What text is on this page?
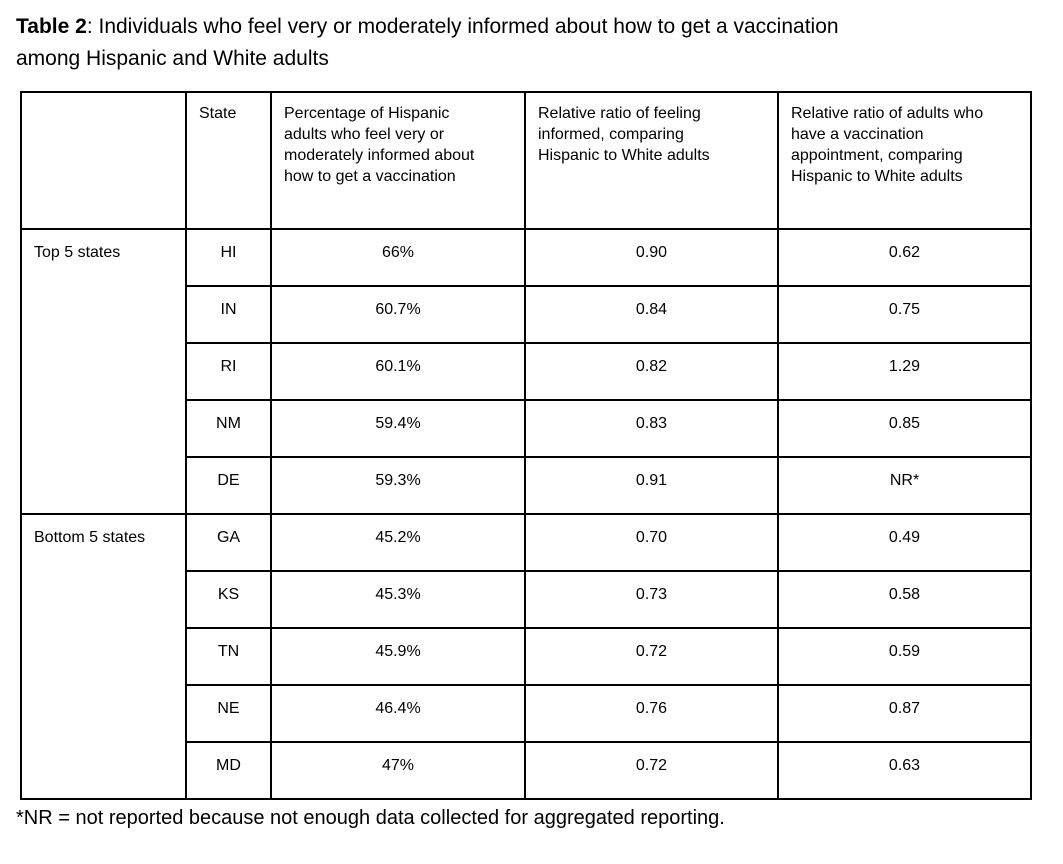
Table 2: Individuals who feel very or moderately informed about how to get a vaccination
among Hispanic and White adults
	State	Percentage of Hispanic adults who feel very or moderately informed about how to get a vaccination	Relative ratio of feeling informed, comparing Hispanic to White adults	Relative ratio of adults who have a vaccination appointment, comparing Hispanic to White adults
Top 5 states	HI	66%	0.90	0.62
	IN	60.7%	0.84	0.75
	RI	60.1%	0.82	1.29
	NM	59.4%	0.83	0.85
	DE	59.3%	0.91	NR*
Bottom 5 states	GA	45.2%	0.70	0.49
	KS	45.3%	0.73	0.58
	TN	45.9%	0.72	0.59
	NE	46.4%	0.76	0.87
	MD	47%	0.72	0.63
*NR = not reported because not enough data collected for aggregated reporting.
